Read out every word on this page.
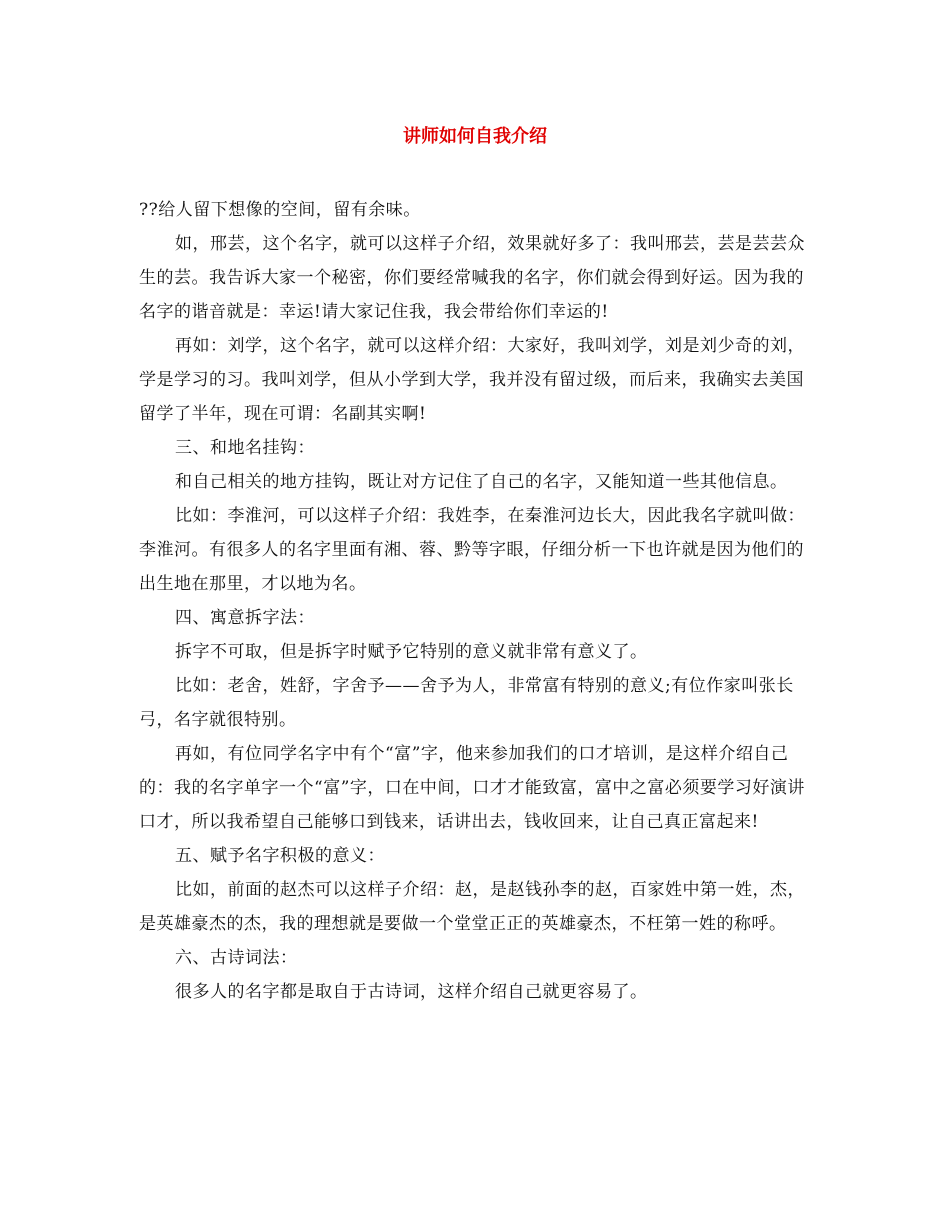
讲师如何自我介绍

??给人留下想像的空间，留有余味。

如，邢芸，这个名字，就可以这样子介绍，效果就好多了：我叫邢芸，芸是芸芸众生的芸。我告诉大家一个秘密，你们要经常喊我的名字，你们就会得到好运。因为我的名字的谐音就是：幸运!请大家记住我，我会带给你们幸运的!

再如：刘学，这个名字，就可以这样介绍：大家好，我叫刘学，刘是刘少奇的刘，学是学习的习。我叫刘学，但从小学到大学，我并没有留过级，而后来，我确实去美国留学了半年，现在可谓：名副其实啊!

三、和地名挂钩：

和自己相关的地方挂钩，既让对方记住了自己的名字，又能知道一些其他信息。

比如：李淮河，可以这样子介绍：我姓李，在秦淮河边长大，因此我名字就叫做：李淮河。有很多人的名字里面有湘、蓉、黔等字眼，仔细分析一下也许就是因为他们的出生地在那里，才以地为名。

四、寓意拆字法：

拆字不可取，但是拆字时赋予它特别的意义就非常有意义了。

比如：老舍，姓舒，字舍予——舍予为人，非常富有特别的意义;有位作家叫张长弓，名字就很特别。

再如，有位同学名字中有个“富”字，他来参加我们的口才培训，是这样介绍自己的：我的名字单字一个“富”字，口在中间，口才才能致富，富中之富必须要学习好演讲口才，所以我希望自己能够口到钱来，话讲出去，钱收回来，让自己真正富起来!

五、赋予名字积极的意义：

比如，前面的赵杰可以这样子介绍：赵，是赵钱孙李的赵，百家姓中第一姓，杰，是英雄豪杰的杰，我的理想就是要做一个堂堂正正的英雄豪杰，不枉第一姓的称呼。

六、古诗词法：

很多人的名字都是取自于古诗词，这样介绍自己就更容易了。
